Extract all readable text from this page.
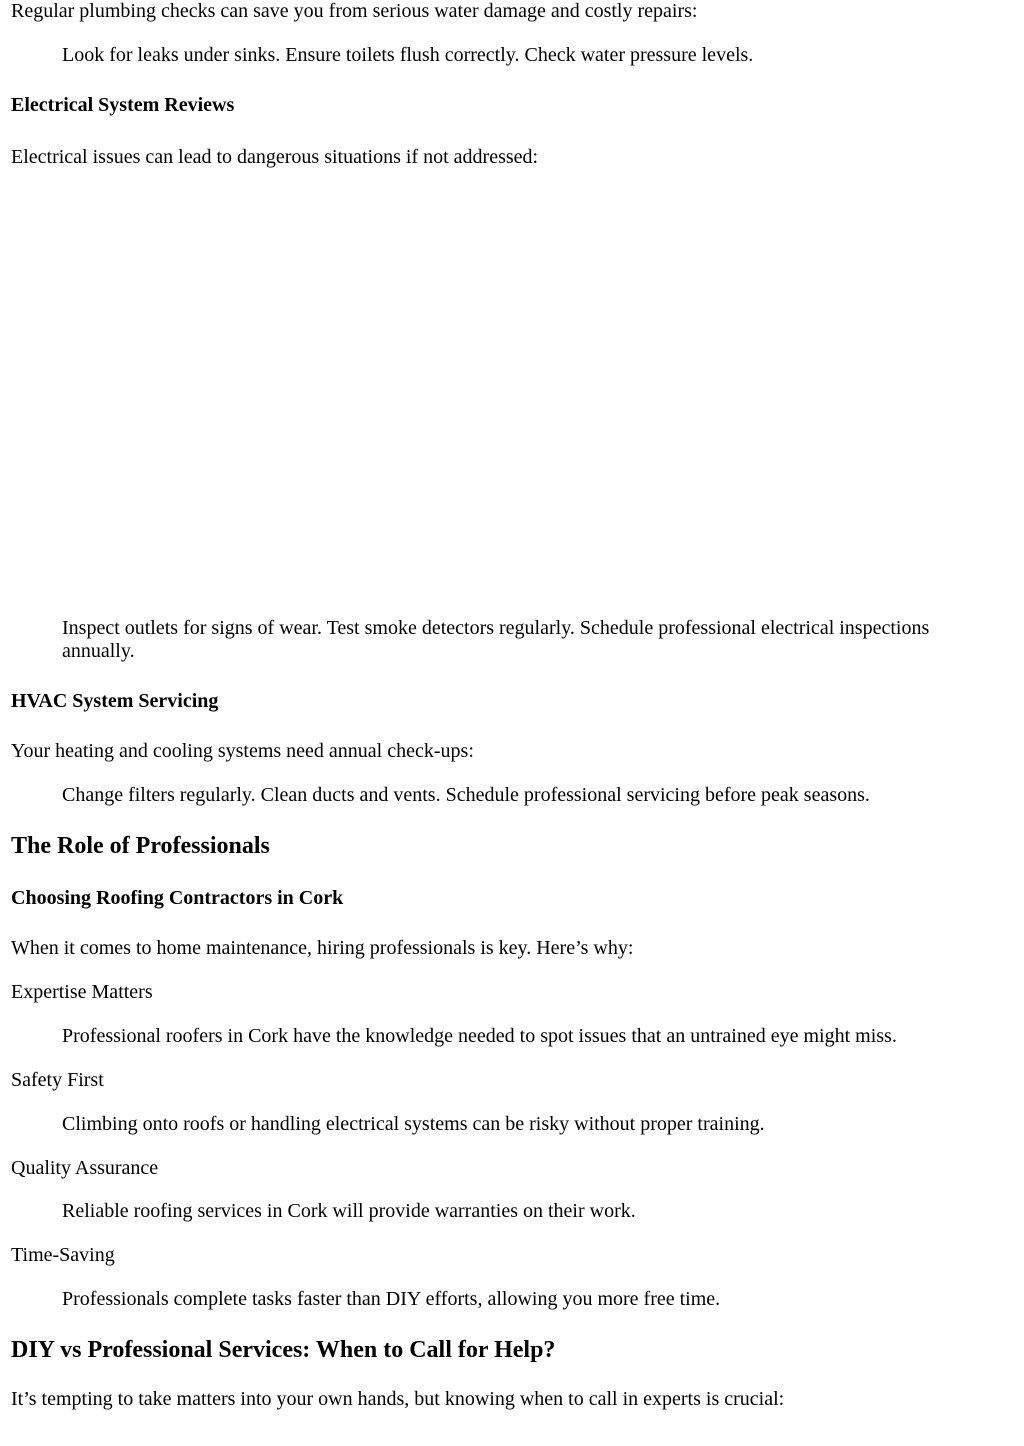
Regular plumbing checks can save you from serious water damage and costly repairs:

Look for leaks under sinks. Ensure toilets flush correctly. Check water pressure levels.

Electrical System Reviews

Electrical issues can lead to dangerous situations if not addressed:

Inspect outlets for signs of wear. Test smoke detectors regularly. Schedule professional electrical inspections annually.

HVAC System Servicing

Your heating and cooling systems need annual check-ups:

Change filters regularly. Clean ducts and vents. Schedule professional servicing before peak seasons.

The Role of Professionals
Choosing Roofing Contractors in Cork

When it comes to home maintenance, hiring professionals is key. Here’s why:

Expertise Matters

Professional roofers in Cork have the knowledge needed to spot issues that an untrained eye might miss.

Safety First

Climbing onto roofs or handling electrical systems can be risky without proper training.

Quality Assurance

Reliable roofing services in Cork will provide warranties on their work.

Time-Saving

Professionals complete tasks faster than DIY efforts, allowing you more free time.

DIY vs Professional Services: When to Call for Help?

It’s tempting to take matters into your own hands, but knowing when to call in experts is crucial:
